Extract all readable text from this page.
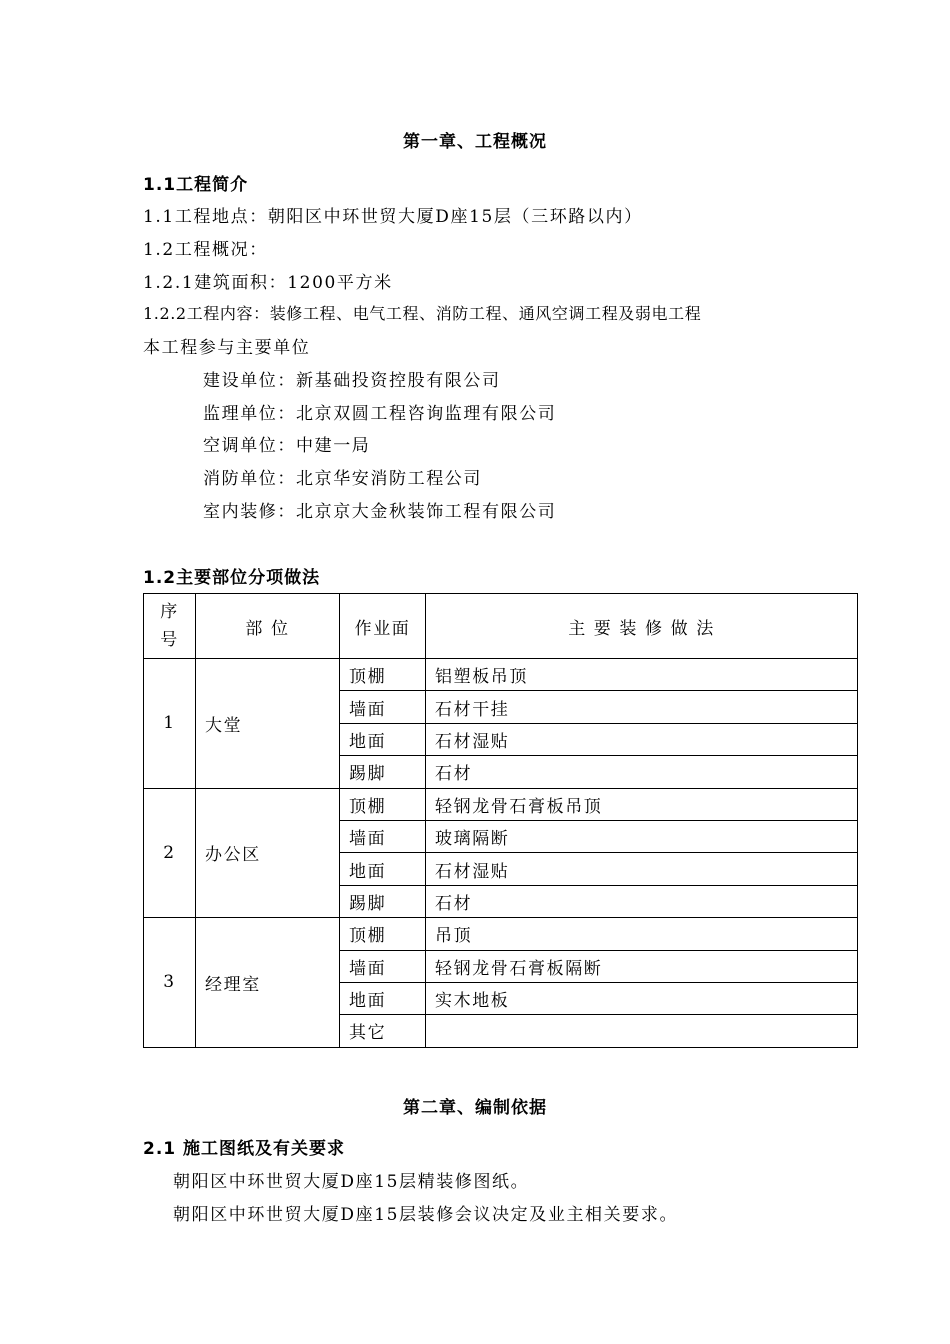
第一章、工程概况
1.1工程简介
1.1工程地点：朝阳区中环世贸大厦D座15层（三环路以内）
1.2工程概况：
1.2.1建筑面积：1200平方米
1.2.2工程内容：装修工程、电气工程、消防工程、通风空调工程及弱电工程
本工程参与主要单位
建设单位：新基础投资控股有限公司
监理单位：北京双圆工程咨询监理有限公司
空调单位：中建一局
消防单位：北京华安消防工程公司
室内装修：北京京大金秋装饰工程有限公司
1.2主要部位分项做法
序
号	部 位	作业面	主 要 装 修 做 法
1	大堂	顶棚	铝塑板吊顶
		墙面	石材干挂
		地面	石材湿贴
		踢脚	石材
2	办公区	顶棚	轻钢龙骨石膏板吊顶
		墙面	玻璃隔断
		地面	石材湿贴
		踢脚	石材
3	经理室	顶棚	吊顶
		墙面	轻钢龙骨石膏板隔断
		地面	实木地板
		其它	
第二章、编制依据
2.1 施工图纸及有关要求
朝阳区中环世贸大厦D座15层精装修图纸。
朝阳区中环世贸大厦D座15层装修会议决定及业主相关要求。
